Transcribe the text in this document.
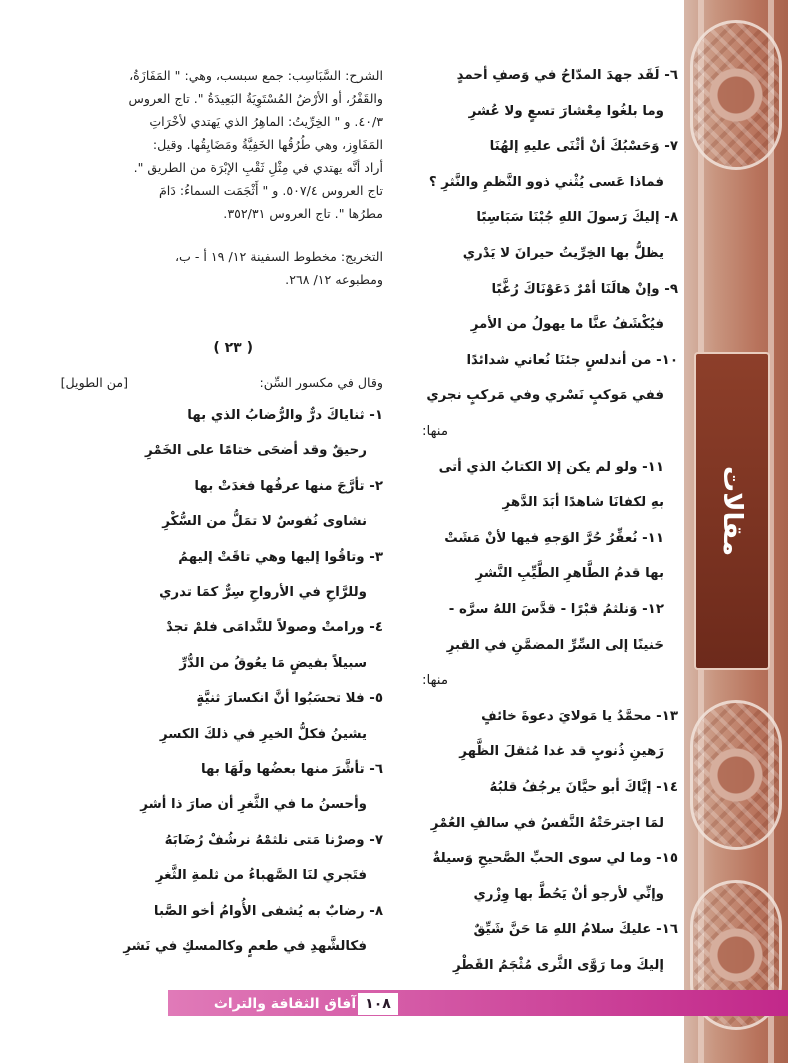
مقالات
٦- لَقَد جهدَ المدّاحُ في وَصفِ أحمدٍ
وما بلغُوا مِعْشارَ تسعٍ ولا عُشرِ
٧- وَحَسْبُكَ أنْ أثْنَى عليهِ إلهُنَا
فماذا عَسى يُثْني ذوو النَّظمِ والنَّثرِ ؟
٨- إليكَ رَسولَ اللهِ جُبْنَا سَبَاسِبًا
يظلُّ بها الخِرِّيتُ حيرانَ لا يَدْري
٩- وإنْ هالَنَا أمْرٌ دَعَوْنَاكَ رُغَّبًا
فيُكْشَفُ عنَّا ما يهولُ من الأمرِ
١٠- من أندلسٍ جئنَا نُعاني شدائدًا
ففي مَوكبٍ نَسْري وفي مَركبٍ نجري
منها:
١١- ولو لم يكن إلا الكتابُ الذي أتى
بهِ لكفانَا شاهدًا أبَدَ الدَّهرِ
١١- نُعفِّرُ حُرَّ الوَجهِ فيها لأنْ مَشَتْ
بها قدمُ الطَّاهرِ الطَّيِّبِ النَّشرِ
١٢- وَنلثمُ قبْرًا - قدَّسَ اللهُ سرَّه -
حَنينًا إلى السِّرِّ المضمَّنِ في القبرِ
منها:
١٣- محمَّدُ يا مَولايَ دعوةَ خائفٍ
رَهينِ ذُنوبٍ قد غدا مُثقلَ الظَّهرِ
١٤- إيَّاكَ أبو حيَّانَ يرجُفُ قلبُهُ
لمَا اجترحَتْهُ النَّفسُ في سالفِ العُمْرِ
١٥- وما لي سوى الحبِّ الصَّحيحِ وَسيلةٌ
وإنِّي لأرجو أنْ يَحُطَّ بها وِزْري
١٦- عليكَ سلامُ اللهِ مَا حَنَّ شَيِّقٌ
إليكَ وما رَوَّى الثَّرى مُثْجَمُ القَطْرِ
الشرح: السَّبَاسِب: جمع سبسب، وهي: " المَفَازَةُ،
والقَفْرُ، أو الأرْضُ المُسْتَوِيَةُ البَعِيدَةُ ". تاج العروس
٤٠/٣. و " الخِرِّيتُ: الماهِرُ الذي يَهتدي لأخْرَاتِ
المَفَاوِز، وهي طُرُقُها الخَفِيَّةُ ومَضَايِقُها. وقيل:
أراد أنَّه يهتدي في مِثْلِ ثَقْبِ الإبْرَة من الطريق ".
تاج العروس ٥٠٧/٤. و " أَثْجَمَت السماءُ: دَامَ
مطرُها ". تاج العروس ٣٥٢/٣١.
التخريج: مخطوط السفينة ١٢/ ١٩ أ - ب،
ومطبوعه ١٢/ ٢٦٨.
( ٢٣ )
وقال في مكسور السِّن:
[من الطويل]
١- ثناياكَ درٌّ والرُّضابُ الذي بها
رحيقٌ وقد أضحَى ختامًا على الخَمْرِ
٢- تأرَّجَ منها عرفُها فغدَتْ بها
نشاوى نُفوسٌ لا تمَلُّ من السُّكْرِ
٣- وتاقُوا إليها وهي تاقَتْ إليهمُ
وللرَّاحِ في الأرواحِ سِرٌّ كمَا تدري
٤- ورامتْ وصولاً للنَّدامَى فلمْ تجدْ
سبيلاً بفيضٍ مَا يعُوقُ من الدُّرِّ
٥- فلا تحسَبُوا أنَّ انكسارَ ثنيَّةٍ
يشينُ فكلُّ الخيرِ في ذلكَ الكسرِ
٦- تأشَّرَ منها بعضُها ولَهَا بها
وأحسنُ ما في الثَّغرِ أن صارَ ذا أشرِ
٧- وصرْنا مَتى نلثمْهُ نرشُفْ رُضَابَهُ
فتَجري لنَا الصَّهباءُ من ثلمةِ الثَّغرِ
٨- رضابٌ به يُشفى الأُوامُ أخو الصَّبا
فكالشَّهدِ في طعمٍ وكالمسكِ في نَشرِ
آفاق الثقافة والتراث ١٠٨
